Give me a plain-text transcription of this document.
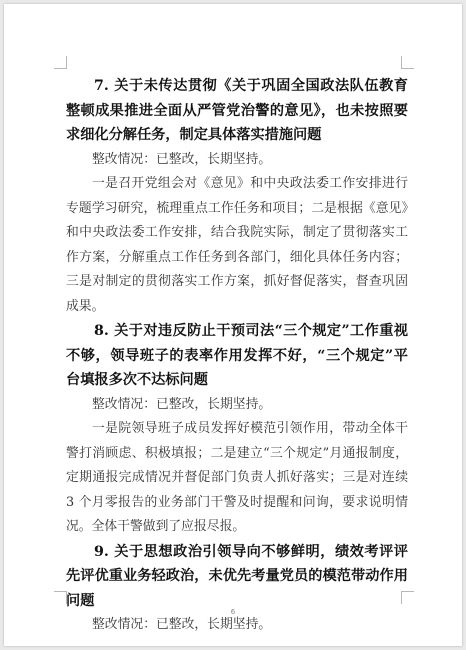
7. 关于未传达贯彻《关于巩固全国政法队伍教育整顿成果推进全面从严管党治警的意见》，也未按照要求细化分解任务，制定具体落实措施问题

整改情况：已整改，长期坚持。

一是召开党组会对《意见》和中央政法委工作安排进行专题学习研究，梳理重点工作任务和项目；二是根据《意见》和中央政法委工作安排，结合我院实际，制定了贯彻落实工作方案，分解重点工作任务到各部门，细化具体任务内容；三是对制定的贯彻落实工作方案，抓好督促落实，督查巩固成果。

8. 关于对违反防止干预司法“三个规定”工作重视不够，领导班子的表率作用发挥不好，“三个规定”平台填报多次不达标问题

整改情况：已整改，长期坚持。

一是院领导班子成员发挥好模范引领作用，带动全体干警打消顾虑、积极填报；二是建立“三个规定”月通报制度，定期通报完成情况并督促部门负责人抓好落实；三是对连续 3 个月零报告的业务部门干警及时提醒和问询，要求说明情况。全体干警做到了应报尽报。

9. 关于思想政治引领导向不够鲜明，绩效考评评先评优重业务轻政治，未优先考量党员的模范带动作用问题

整改情况：已整改，长期坚持。

6
